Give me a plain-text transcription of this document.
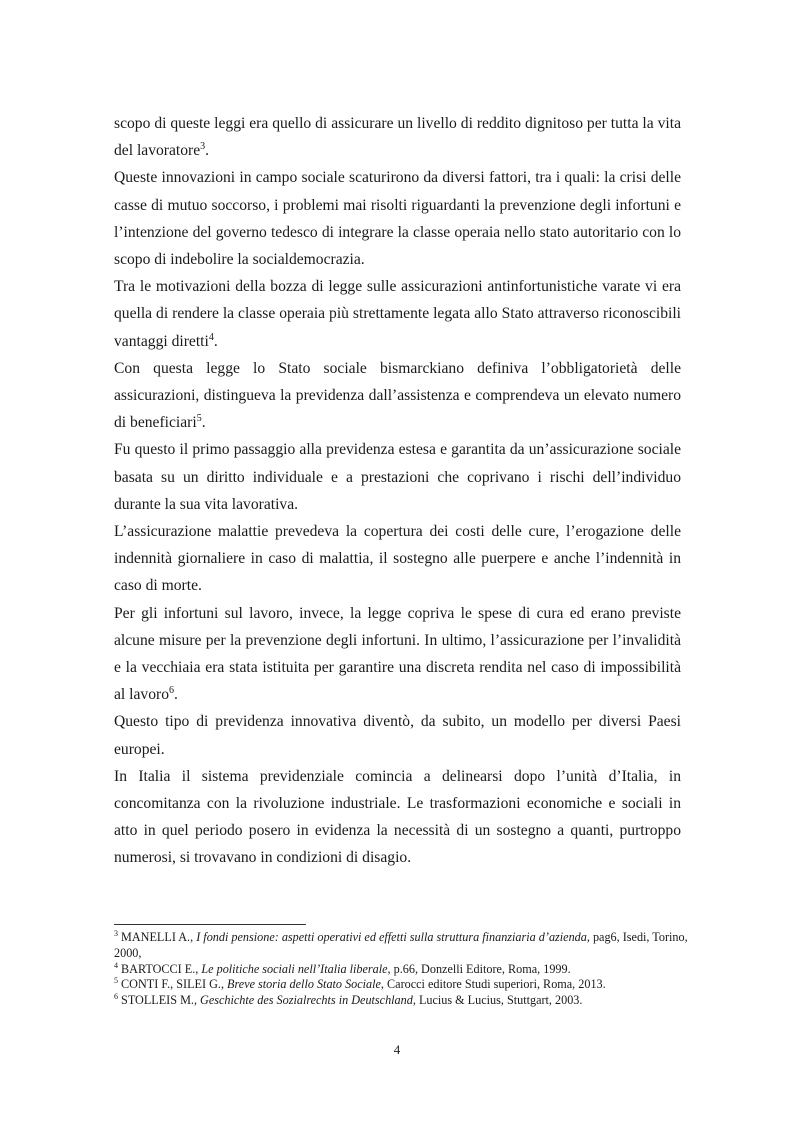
scopo di queste leggi era quello di assicurare un livello di reddito dignitoso per tutta la vita del lavoratore$^3$.

Queste innovazioni in campo sociale scaturirono da diversi fattori, tra i quali: la crisi delle casse di mutuo soccorso, i problemi mai risolti riguardanti la prevenzione degli infortuni e l’intenzione del governo tedesco di integrare la classe operaia nello stato autoritario con lo scopo di indebolire la socialdemocrazia.

Tra le motivazioni della bozza di legge sulle assicurazioni antinfortunistiche varate vi era quella di rendere la classe operaia più strettamente legata allo Stato attraverso riconoscibili vantaggi diretti$^4$.

Con questa legge lo Stato sociale bismarckiano definiva l’obbligatorietà delle assicurazioni, distingueva la previdenza dall’assistenza e comprendeva un elevato numero di beneficiari$^5$.

Fu questo il primo passaggio alla previdenza estesa e garantita da un’assicurazione sociale basata su un diritto individuale e a prestazioni che coprivano i rischi dell’individuo durante la sua vita lavorativa.

L’assicurazione malattie prevedeva la copertura dei costi delle cure, l’erogazione delle indennità giornaliere in caso di malattia, il sostegno alle puerpere e anche l’indennità in caso di morte.

Per gli infortuni sul lavoro, invece, la legge copriva le spese di cura ed erano previste alcune misure per la prevenzione degli infortuni. In ultimo, l’assicurazione per l’invalidità e la vecchiaia era stata istituita per garantire una discreta rendita nel caso di impossibilità al lavoro$^6$.

Questo tipo di previdenza innovativa diventò, da subito, un modello per diversi Paesi europei.

In Italia il sistema previdenziale comincia a delinearsi dopo l’unità d’Italia, in concomitanza con la rivoluzione industriale. Le trasformazioni economiche e sociali in atto in quel periodo posero in evidenza la necessità di un sostegno a quanti, purtroppo numerosi, si trovavano in condizioni di disagio.

$^3$ MANELLI A., I fondi pensione: aspetti operativi ed effetti sulla struttura finanziaria d’azienda, pag6, Isedi, Torino, 2000,
$^4$ BARTOCCI E., Le politiche sociali nell’Italia liberale, p.66, Donzelli Editore, Roma, 1999.
$^5$ CONTI F., SILEI G., Breve storia dello Stato Sociale, Carocci editore Studi superiori, Roma, 2013.
$^6$ STOLLEIS M., Geschichte des Sozialrechts in Deutschland, Lucius & Lucius, Stuttgart, 2003.
4
